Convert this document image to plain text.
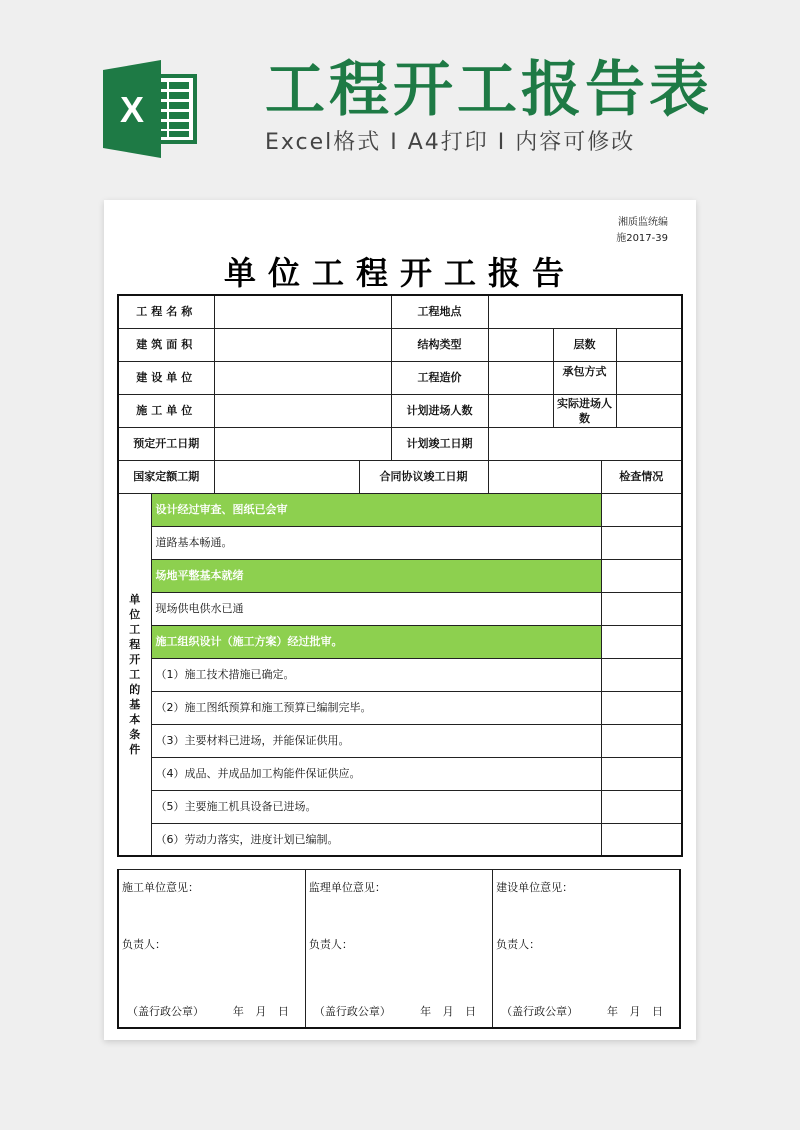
X 工程开工报告表
Excel格式 I A4打印 I 内容可修改
湘质监统编
施2017-39
单位工程开工报告
工程名称				工程地点				
建筑面积				结构类型		层数		
建设单位				工程造价		承包方式		
施工单位				计划进场人数		实际进场人数		
预定开工日期				计划竣工日期				
国家定额工期			合同协议竣工日期				检查情况	
单
位
工
程
开
工
的
基
本
条
件	设计经过审查、图纸已会审	
	道路基本畅通。							
	场地平整基本就绪							
	现场供电供水已通							
	施工组织设计（施工方案）经过批审。							
	（1）施工技术措施已确定。							
	（2）施工图纸预算和施工预算已编制完毕。							
	（3）主要材料已进场，并能保证供用。							
	（4）成品、并成品加工构能件保证供应。							
	（5）主要施工机具设备已进场。							
	（6）劳动力落实，进度计划已编制。							
施工单位意见：
负责人：
（盖行政公章）	年 月 日

监理单位意见：
负责人：
（盖行政公章）	年 月 日

建设单位意见：
负责人：
（盖行政公章）	年 月 日
